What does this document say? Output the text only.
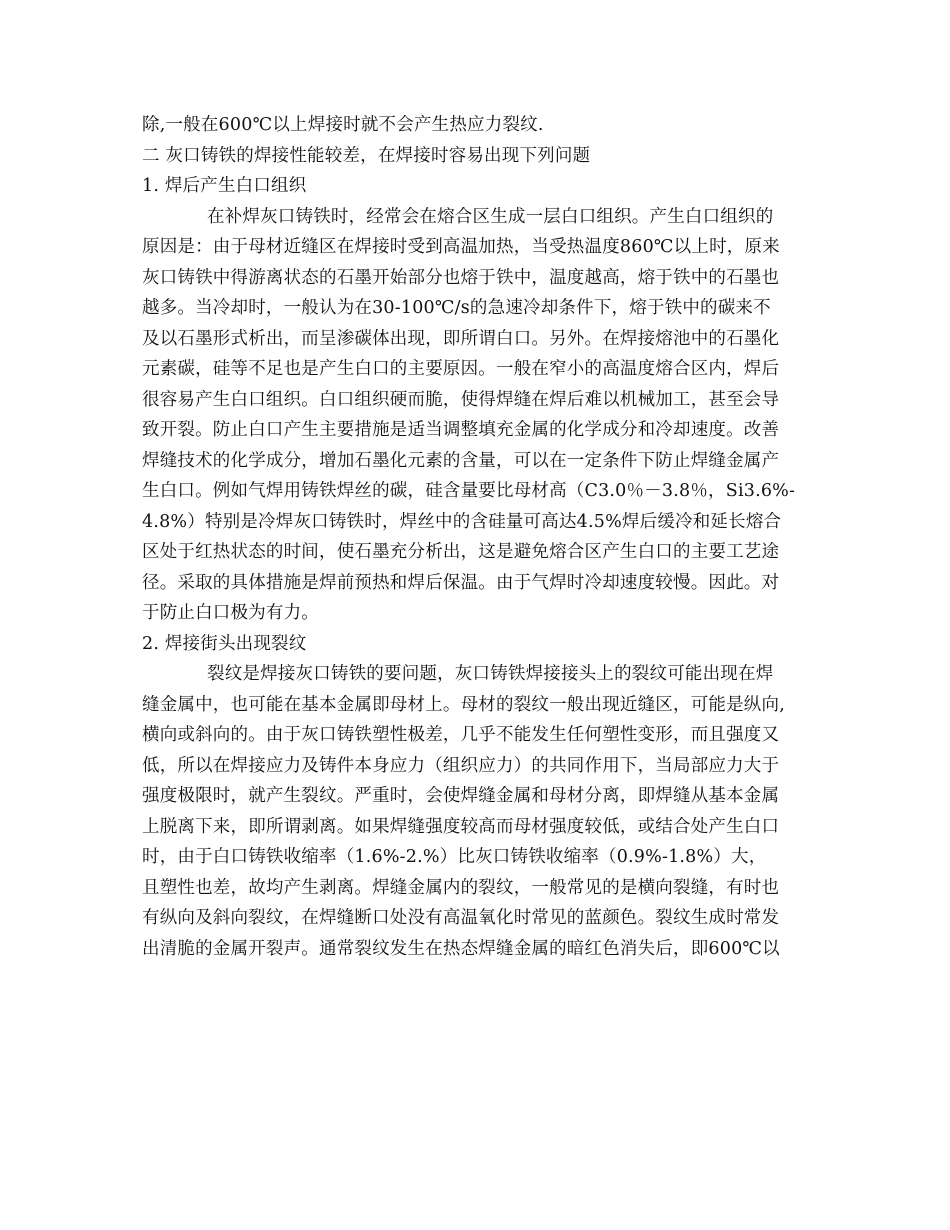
除,一般在600℃以上焊接时就不会产生热应力裂纹.
二 灰口铸铁的焊接性能较差，在焊接时容易出现下列问题
1. 焊后产生白口组织
在补焊灰口铸铁时，经常会在熔合区生成一层白口组织。产生白口组织的
原因是：由于母材近缝区在焊接时受到高温加热，当受热温度860℃以上时，原来
灰口铸铁中得游离状态的石墨开始部分也熔于铁中，温度越高，熔于铁中的石墨也
越多。当冷却时，一般认为在30-100℃/s的急速冷却条件下，熔于铁中的碳来不
及以石墨形式析出，而呈渗碳体出现，即所谓白口。另外。在焊接熔池中的石墨化
元素碳，硅等不足也是产生白口的主要原因。一般在窄小的高温度熔合区内，焊后
很容易产生白口组织。白口组织硬而脆，使得焊缝在焊后难以机械加工，甚至会导
致开裂。防止白口产生主要措施是适当调整填充金属的化学成分和冷却速度。改善
焊缝技术的化学成分，增加石墨化元素的含量，可以在一定条件下防止焊缝金属产
生白口。例如气焊用铸铁焊丝的碳，硅含量要比母材高（C3.0％－3.8％，Si3.6%-
4.8%）特别是冷焊灰口铸铁时，焊丝中的含硅量可高达4.5%焊后缓冷和延长熔合
区处于红热状态的时间，使石墨充分析出，这是避免熔合区产生白口的主要工艺途
径。采取的具体措施是焊前预热和焊后保温。由于气焊时冷却速度较慢。因此。对
于防止白口极为有力。
2. 焊接街头出现裂纹
裂纹是焊接灰口铸铁的要问题，灰口铸铁焊接接头上的裂纹可能出现在焊
缝金属中，也可能在基本金属即母材上。母材的裂纹一般出现近缝区，可能是纵向,
横向或斜向的。由于灰口铸铁塑性极差，几乎不能发生任何塑性变形，而且强度又
低，所以在焊接应力及铸件本身应力（组织应力）的共同作用下，当局部应力大于
强度极限时，就产生裂纹。严重时，会使焊缝金属和母材分离，即焊缝从基本金属
上脱离下来，即所谓剥离。如果焊缝强度较高而母材强度较低，或结合处产生白口
时，由于白口铸铁收缩率（1.6%-2.%）比灰口铸铁收缩率（0.9%-1.8%）大，
且塑性也差，故均产生剥离。焊缝金属内的裂纹，一般常见的是横向裂缝，有时也
有纵向及斜向裂纹，在焊缝断口处没有高温氧化时常见的蓝颜色。裂纹生成时常发
出清脆的金属开裂声。通常裂纹发生在热态焊缝金属的暗红色消失后，即600℃以
